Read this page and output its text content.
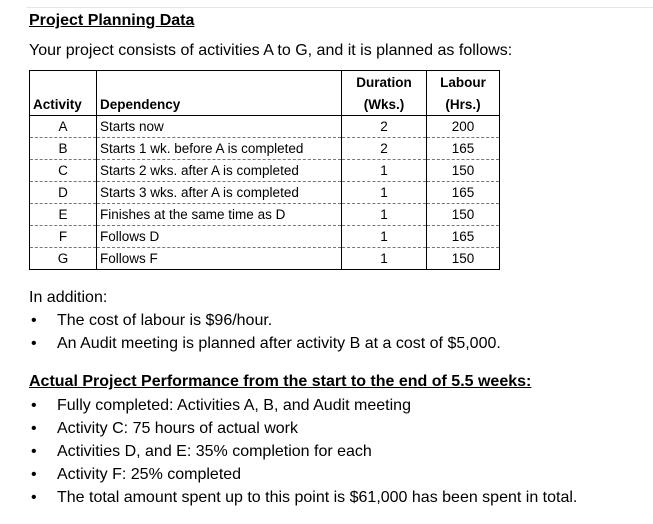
Project Planning Data
Your project consists of activities A to G, and it is planned as follows:
		Duration	Labour
Activity	Dependency	(Wks.)	(Hrs.)
A	Starts now	2	200
B	Starts 1 wk. before A is completed	2	165
C	Starts 2 wks. after A is completed	1	150
D	Starts 3 wks. after A is completed	1	165
E	Finishes at the same time as D	1	150
F	Follows D	1	165
G	Follows F	1	150
In addition:
• The cost of labour is $96/hour.
• An Audit meeting is planned after activity B at a cost of $5,000.
Actual Project Performance from the start to the end of 5.5 weeks:
• Fully completed: Activities A, B, and Audit meeting
• Activity C: 75 hours of actual work
• Activities D, and E: 35% completion for each
• Activity F: 25% completed
• The total amount spent up to this point is $61,000 has been spent in total.
